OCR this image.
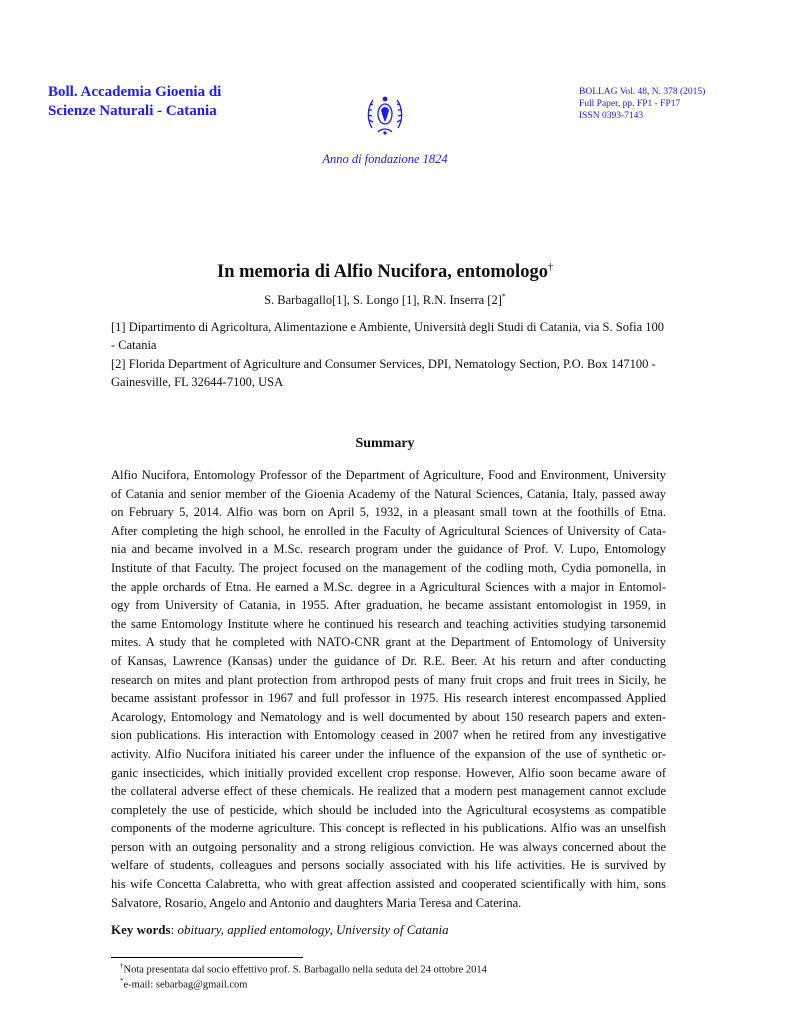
Boll. Accademia Gioenia di
Scienze Naturali - Catania
BOLLAG Vol. 48, N. 378 (2015)
Full Paper, pp. FP1 - FP17
ISSN 0393-7143
Anno di fondazione 1824
In memoria di Alfio Nucifora, entomologo†
S. Barbagallo[1], S. Longo [1], R.N. Inserra [2]*
[1] Dipartimento di Agricoltura, Alimentazione e Ambiente, Università degli Studi di Catania, via S. Sofia 100 - Catania
[2] Florida Department of Agriculture and Consumer Services, DPI, Nematology Section, P.O. Box 147100 - Gainesville, FL 32644-7100, USA
Summary
Alfio Nucifora, Entomology Professor of the Department of Agriculture, Food and Environment, University
of Catania and senior member of the Gioenia Academy of the Natural Sciences, Catania, Italy, passed away
on February 5, 2014. Alfio was born on April 5, 1932, in a pleasant small town at the foothills of Etna.
After completing the high school, he enrolled in the Faculty of Agricultural Sciences of University of Cata-
nia and became involved in a M.Sc. research program under the guidance of Prof. V. Lupo, Entomology
Institute of that Faculty. The project focused on the management of the codling moth, Cydia pomonella, in
the apple orchards of Etna. He earned a M.Sc. degree in a Agricultural Sciences with a major in Entomol-
ogy from University of Catania, in 1955. After graduation, he became assistant entomologist in 1959, in
the same Entomology Institute where he continued his research and teaching activities studying tarsonemid
mites. A study that he completed with NATO-CNR grant at the Department of Entomology of University
of Kansas, Lawrence (Kansas) under the guidance of Dr. R.E. Beer. At his return and after conducting
research on mites and plant protection from arthropod pests of many fruit crops and fruit trees in Sicily, he
became assistant professor in 1967 and full professor in 1975. His research interest encompassed Applied
Acarology, Entomology and Nematology and is well documented by about 150 research papers and exten-
sion publications. His interaction with Entomology ceased in 2007 when he retired from any investigative
activity. Alfio Nucifora initiated his career under the influence of the expansion of the use of synthetic or-
ganic insecticides, which initially provided excellent crop response. However, Alfio soon became aware of
the collateral adverse effect of these chemicals. He realized that a modern pest management cannot exclude
completely the use of pesticide, which should be included into the Agricultural ecosystems as compatible
components of the moderne agriculture. This concept is reflected in his publications. Alfio was an unselfish
person with an outgoing personality and a strong religious conviction. He was always concerned about the
welfare of students, colleagues and persons socially associated with his life activities. He is survived by
his wife Concetta Calabretta, who with great affection assisted and cooperated scientifically with him, sons
Salvatore, Rosario, Angelo and Antonio and daughters Maria Teresa and Caterina.
Key words: obituary, applied entomology, University of Catania
†Nota presentata dal socio effettivo prof. S. Barbagallo nella seduta del 24 ottobre 2014
*e-mail: sebarbag@gmail.com
